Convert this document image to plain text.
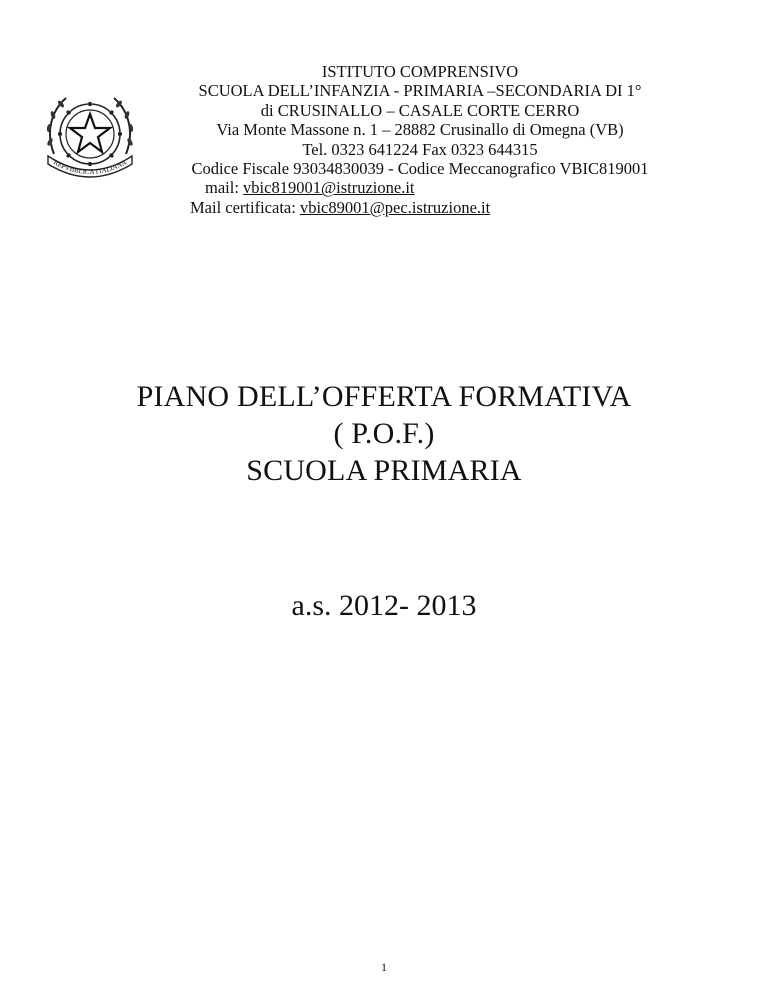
REPVBBLICA ITALIANA
ISTITUTO COMPRENSIVO
SCUOLA DELL’INFANZIA - PRIMARIA –SECONDARIA DI 1°
di CRUSINALLO – CASALE CORTE CERRO
Via Monte Massone n. 1 – 28882 Crusinallo di Omegna (VB)
Tel. 0323 641224 Fax 0323 644315
Codice Fiscale 93034830039 - Codice Meccanografico VBIC819001
mail: vbic819001@istruzione.it
Mail certificata: vbic89001@pec.istruzione.it
PIANO DELL’OFFERTA FORMATIVA
( P.O.F.)
SCUOLA PRIMARIA
a.s. 2012- 2013
1
